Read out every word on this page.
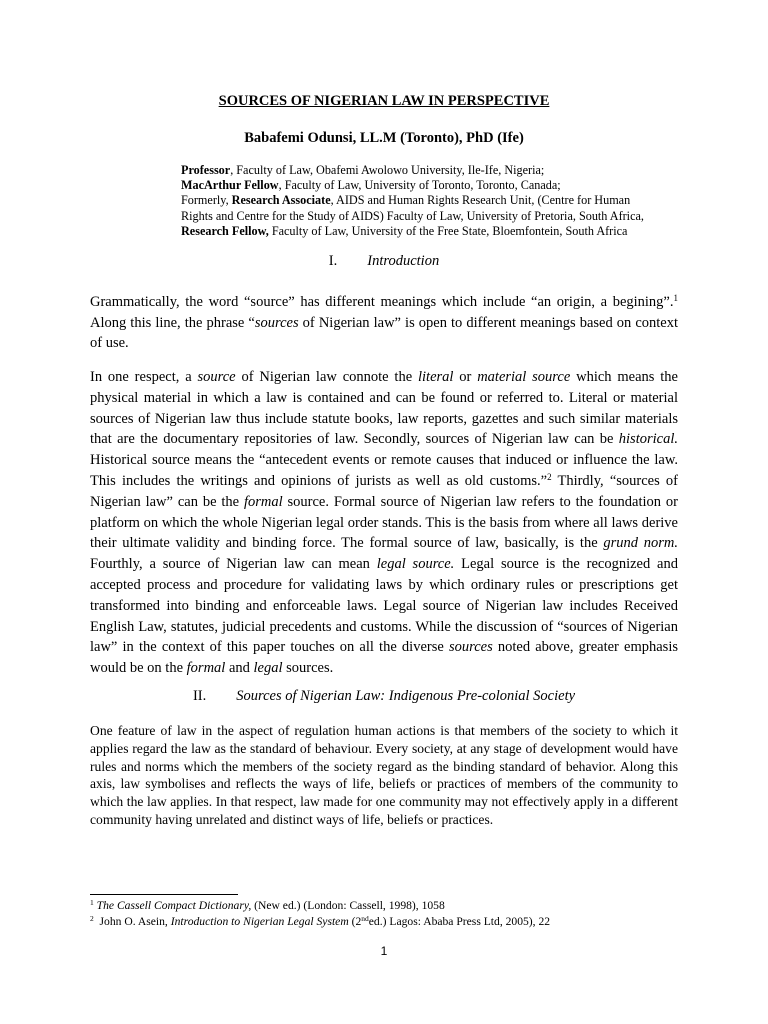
SOURCES OF NIGERIAN LAW IN PERSPECTIVE
Babafemi Odunsi, LL.M (Toronto), PhD (Ife)
Professor, Faculty of Law, Obafemi Awolowo University, Ile-Ife, Nigeria;
MacArthur Fellow, Faculty of Law, University of Toronto, Toronto, Canada;
Formerly, Research Associate, AIDS and Human Rights Research Unit, (Centre for Human
Rights and Centre for the Study of AIDS) Faculty of Law, University of Pretoria, South Africa,
Research Fellow, Faculty of Law, University of the Free State, Bloemfontein, South Africa
I. Introduction
Grammatically, the word “source” has different meanings which include “an origin, a begining”.$^1$ Along this line, the phrase “sources of Nigerian law” is open to different meanings based on context of use.
In one respect, a source of Nigerian law connote the literal or material source which means the physical material in which a law is contained and can be found or referred to. Literal or material sources of Nigerian law thus include statute books, law reports, gazettes and such similar materials that are the documentary repositories of law. Secondly, sources of Nigerian law can be historical. Historical source means the “antecedent events or remote causes that induced or influence the law. This includes the writings and opinions of jurists as well as old customs.”$^2$ Thirdly, “sources of Nigerian law” can be the formal source. Formal source of Nigerian law refers to the foundation or platform on which the whole Nigerian legal order stands. This is the basis from where all laws derive their ultimate validity and binding force. The formal source of law, basically, is the grund norm. Fourthly, a source of Nigerian law can mean legal source. Legal source is the recognized and accepted process and procedure for validating laws by which ordinary rules or prescriptions get transformed into binding and enforceable laws. Legal source of Nigerian law includes Received English Law, statutes, judicial precedents and customs. While the discussion of “sources of Nigerian law” in the context of this paper touches on all the diverse sources noted above, greater emphasis would be on the formal and legal sources.
II. Sources of Nigerian Law: Indigenous Pre-colonial Society
One feature of law in the aspect of regulation human actions is that members of the society to which it applies regard the law as the standard of behaviour. Every society, at any stage of development would have rules and norms which the members of the society regard as the binding standard of behavior. Along this axis, law symbolises and reflects the ways of life, beliefs or practices of members of the community to which the law applies. In that respect, law made for one community may not effectively apply in a different community having unrelated and distinct ways of life, beliefs or practices.
$^1$ The Cassell Compact Dictionary, (New ed.) (London: Cassell, 1998), 1058
$^2$  John O. Asein, Introduction to Nigerian Legal System (2nded.) Lagos: Ababa Press Ltd, 2005), 22
1
